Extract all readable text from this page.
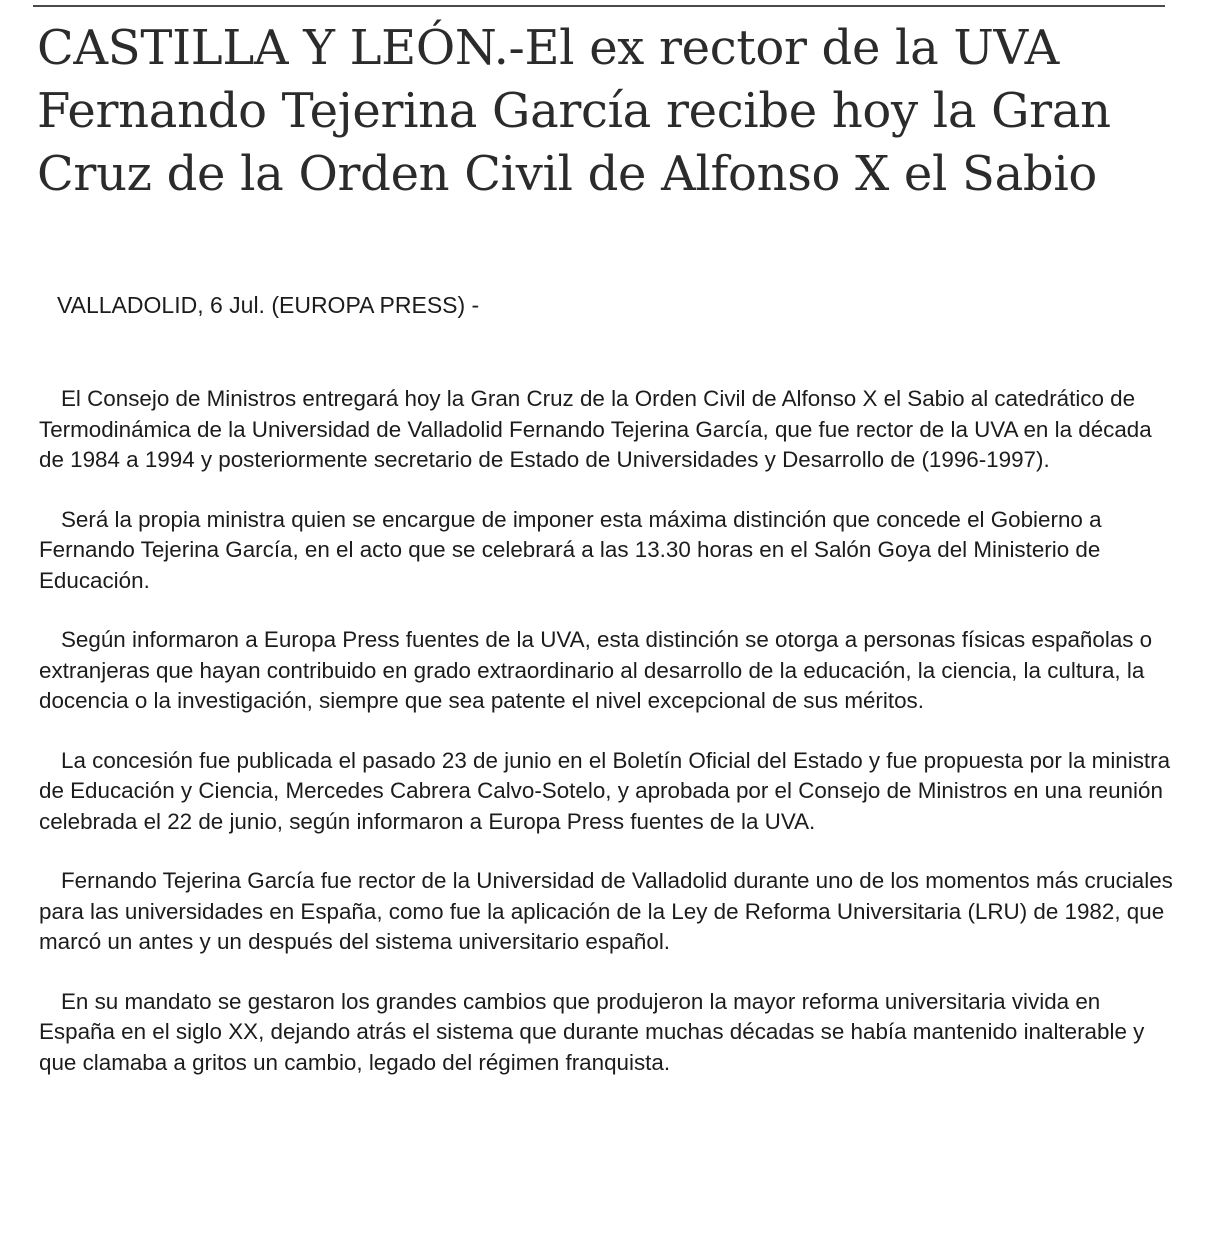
CASTILLA Y LEÓN.-El ex rector de la UVA Fernando Tejerina García recibe hoy la Gran Cruz de la Orden Civil de Alfonso X el Sabio

VALLADOLID, 6 Jul. (EUROPA PRESS) -

El Consejo de Ministros entregará hoy la Gran Cruz de la Orden Civil de Alfonso X el Sabio al catedrático de Termodinámica de la Universidad de Valladolid Fernando Tejerina García, que fue rector de la UVA en la década de 1984 a 1994 y posteriormente secretario de Estado de Universidades y Desarrollo de (1996-1997).

Será la propia ministra quien se encargue de imponer esta máxima distinción que concede el Gobierno a Fernando Tejerina García, en el acto que se celebrará a las 13.30 horas en el Salón Goya del Ministerio de Educación.

Según informaron a Europa Press fuentes de la UVA, esta distinción se otorga a personas físicas españolas o extranjeras que hayan contribuido en grado extraordinario al desarrollo de la educación, la ciencia, la cultura, la docencia o la investigación, siempre que sea patente el nivel excepcional de sus méritos.

La concesión fue publicada el pasado 23 de junio en el Boletín Oficial del Estado y fue propuesta por la ministra de Educación y Ciencia, Mercedes Cabrera Calvo-Sotelo, y aprobada por el Consejo de Ministros en una reunión celebrada el 22 de junio, según informaron a Europa Press fuentes de la UVA.

Fernando Tejerina García fue rector de la Universidad de Valladolid durante uno de los momentos más cruciales para las universidades en España, como fue la aplicación de la Ley de Reforma Universitaria (LRU) de 1982, que marcó un antes y un después del sistema universitario español.

En su mandato se gestaron los grandes cambios que produjeron la mayor reforma universitaria vivida en España en el siglo XX, dejando atrás el sistema que durante muchas décadas se había mantenido inalterable y que clamaba a gritos un cambio, legado del régimen franquista.
